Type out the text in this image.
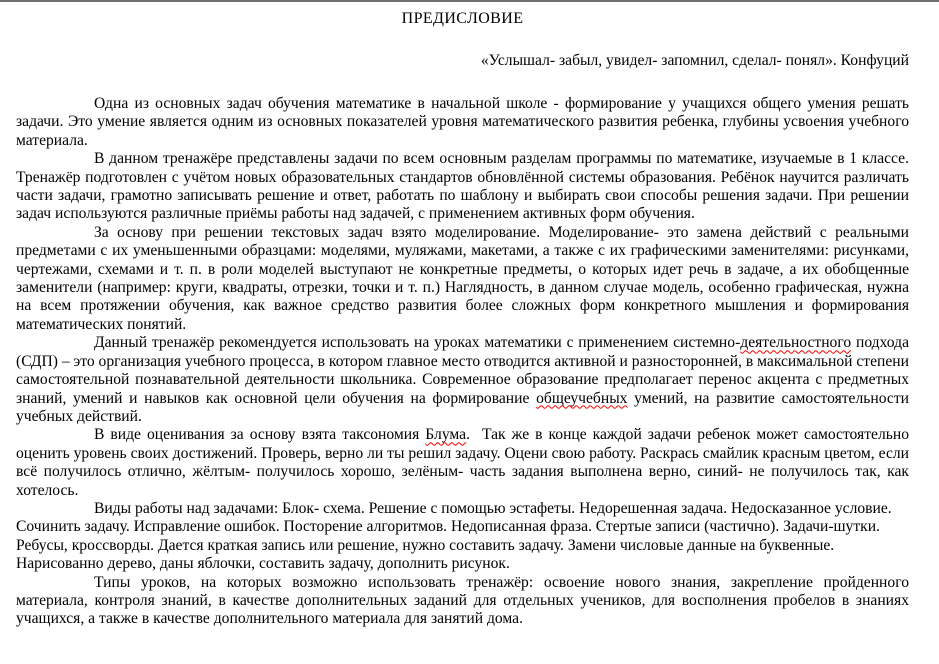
ПРЕДИСЛОВИЕ

«Услышал- забыл, увидел- запомнил, сделал- понял». Конфуций

Одна из основных задач обучения математике в начальной школе - формирование у учащихся общего умения решать задачи. Это умение является одним из основных показателей уровня математического развития ребенка, глубины усвоения учебного материала.

В данном тренажёре представлены задачи по всем основным разделам программы по математике, изучаемые в 1 классе. Тренажёр подготовлен с учётом новых образовательных стандартов обновлённой системы образования. Ребёнок научится различать части задачи, грамотно записывать решение и ответ, работать по шаблону и выбирать свои способы решения задачи. При решении задач используются различные приёмы работы над задачей, с применением активных форм обучения.

За основу при решении текстовых задач взято моделирование. Моделирование- это замена действий с реальными предметами с их уменьшенными образцами: моделями, муляжами, макетами, а также с их графическими заменителями: рисунками, чертежами, схемами и т. п. в роли моделей выступают не конкретные предметы, о которых идет речь в задаче, а их обобщенные заменители (например: круги, квадраты, отрезки, точки и т. п.) Наглядность, в данном случае модель, особенно графическая, нужна на всем протяжении обучения, как важное средство развития более сложных форм конкретного мышления и формирования математических понятий.

Данный тренажёр рекомендуется использовать на уроках математики с применением системно-деятельностного подхода (СДП) – это организация учебного процесса, в котором главное место отводится активной и разносторонней, в максимальной степени самостоятельной познавательной деятельности школьника. Современное образование предполагает перенос акцента с предметных знаний, умений и навыков как основной цели обучения на формирование общеучебных умений, на развитие самостоятельности учебных действий.

В виде оценивания за основу взята таксономия Блума.  Так же в конце каждой задачи ребенок может самостоятельно оценить уровень своих достижений. Проверь, верно ли ты решил задачу. Оцени свою работу. Раскрась смайлик красным цветом, если всё получилось отлично, жёлтым- получилось хорошо, зелёным- часть задания выполнена верно, синий- не получилось так, как хотелось.

Виды работы над задачами: Блок- схема. Решение с помощью эстафеты. Недорешенная задача. Недосказанное условие. Сочинить задачу. Исправление ошибок. Посторение алгоритмов. Недописанная фраза. Стертые записи (частично). Задачи-шутки. Ребусы, кроссворды. Дается краткая запись или решение, нужно составить задачу. Замени числовые данные на буквенные. Нарисованно дерево, даны яблочки, составить задачу, дополнить рисунок.

Типы уроков, на которых возможно использовать тренажёр: освоение нового знания, закрепление пройденного материала, контроля знаний, в качестве дополнительных заданий для отдельных учеников, для восполнения пробелов в знаниях учащихся, а также в качестве дополнительного материала для занятий дома.
